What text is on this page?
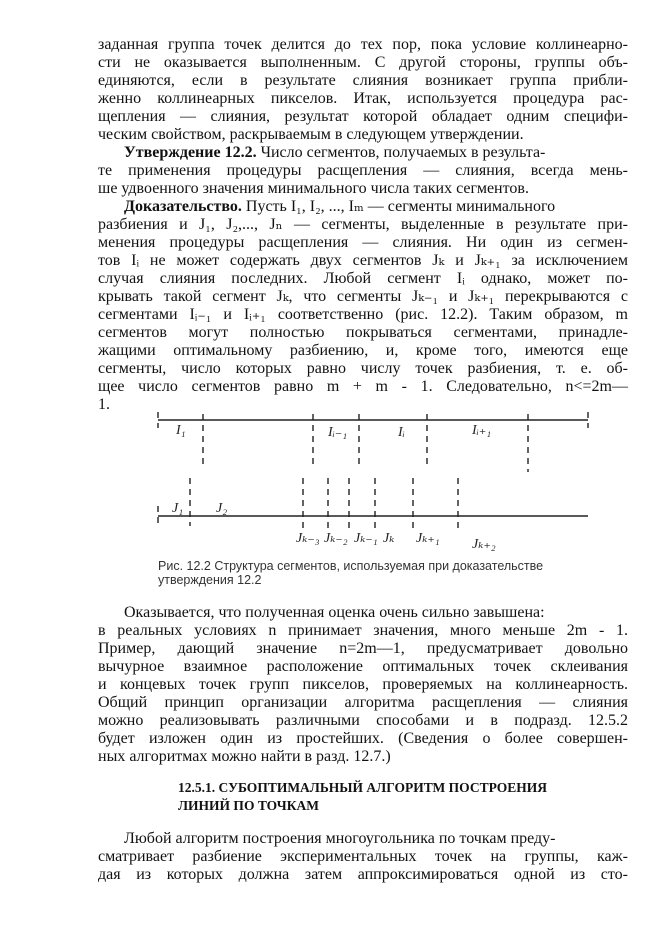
заданная группа точек делится до тех пор, пока условие коллинеарно-
сти не оказывается выполненным. С другой стороны, группы объ-
единяются, если в результате слияния возникает группа прибли-
женно коллинеарных пикселов. Итак, используется процедура рас-
щепления — слияния, результат которой обладает одним специфи-
ческим свойством, раскрываемым в следующем утверждении.
Утверждение 12.2. Число сегментов, получаемых в результа-
те применения процедуры расщепления — слияния, всегда мень-
ше удвоенного значения минимального числа таких сегментов.
Доказательство. Пусть I₁, I₂, ..., Iₘ — сегменты минимального
разбиения и J₁, J₂,..., Jₙ — сегменты, выделенные в результате при-
менения процедуры расщепления — слияния. Ни один из сегмен-
тов Iᵢ не может содержать двух сегментов Jₖ и Jₖ₊₁ за исключением
случая слияния последних. Любой сегмент Iᵢ однако, может по-
крывать такой сегмент Jₖ, что сегменты Jₖ₋₁ и Jₖ₊₁ перекрываются с
сегментами Iᵢ₋₁ и Iᵢ₊₁ соответственно (рис. 12.2). Таким образом, m
сегментов могут полностью покрываться сегментами, принадле-
жащими оптимальному разбиению, и, кроме того, имеются еще
сегменты, число которых равно числу точек разбиения, т. е. об-
щее число сегментов равно m + m - 1. Следовательно, n<=2m—
1.
I₁	Iᵢ₋₁	Iᵢ	Iᵢ₊₁
J₁ J₂
Jₖ₋₃ Jₖ₋₂ Jₖ₋₁ Jₖ Jₖ₊₁ Jₖ₊₂
Рис. 12.2 Структура сегментов, используемая при доказательстве
утверждения 12.2
Оказывается, что полученная оценка очень сильно завышена:
в реальных условиях n принимает значения, много меньше 2m - 1.
Пример, дающий значение n=2m—1, предусматривает довольно
вычурное взаимное расположение оптимальных точек склеивания
и концевых точек групп пикселов, проверяемых на коллинеарность.
Общий принцип организации алгоритма расщепления — слияния
можно реализовывать различными способами и в подразд. 12.5.2
будет изложен один из простейших. (Сведения о более совершен-
ных алгоритмах можно найти в разд. 12.7.)
12.5.1. СУБОПТИМАЛЬНЫЙ АЛГОРИТМ ПОСТРОЕНИЯ
ЛИНИЙ ПО ТОЧКАМ
Любой алгоритм построения многоугольника по точкам преду-
сматривает разбиение экспериментальных точек на группы, каж-
дая из которых должна затем аппроксимироваться одной из сто-
